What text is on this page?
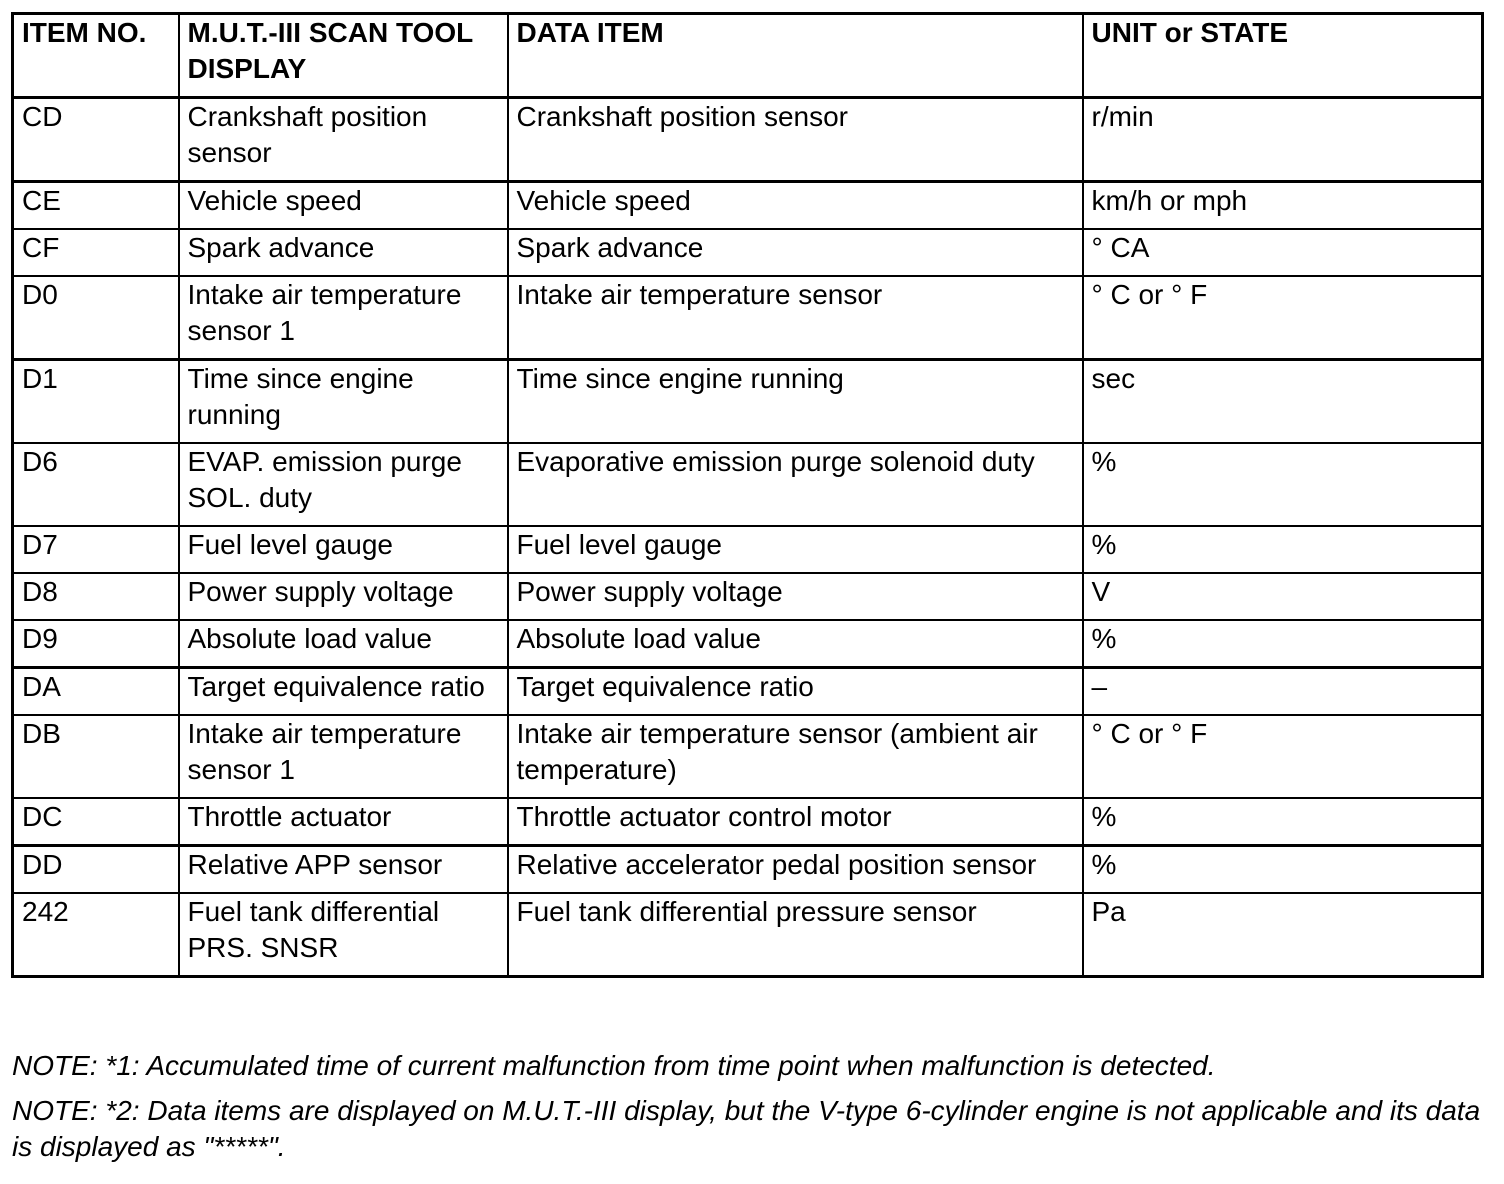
ITEM NO.	M.U.T.-III SCAN TOOL DISPLAY	DATA ITEM	UNIT or STATE
CD	Crankshaft position sensor	Crankshaft position sensor	r/min
CE	Vehicle speed	Vehicle speed	km/h or mph
CF	Spark advance	Spark advance	° CA
D0	Intake air temperature sensor 1	Intake air temperature sensor	° C or ° F
D1	Time since engine running	Time since engine running	sec
D6	EVAP. emission purge SOL. duty	Evaporative emission purge solenoid duty	%
D7	Fuel level gauge	Fuel level gauge	%
D8	Power supply voltage	Power supply voltage	V
D9	Absolute load value	Absolute load value	%
DA	Target equivalence ratio	Target equivalence ratio	–
DB	Intake air temperature sensor 1	Intake air temperature sensor (ambient air temperature)	° C or ° F
DC	Throttle actuator	Throttle actuator control motor	%
DD	Relative APP sensor	Relative accelerator pedal position sensor	%
242	Fuel tank differential PRS. SNSR	Fuel tank differential pressure sensor	Pa

NOTE: *1: Accumulated time of current malfunction from time point when malfunction is detected.

NOTE: *2: Data items are displayed on M.U.T.-III display, but the V-type 6-cylinder engine is not applicable and its data is displayed as "*****".
